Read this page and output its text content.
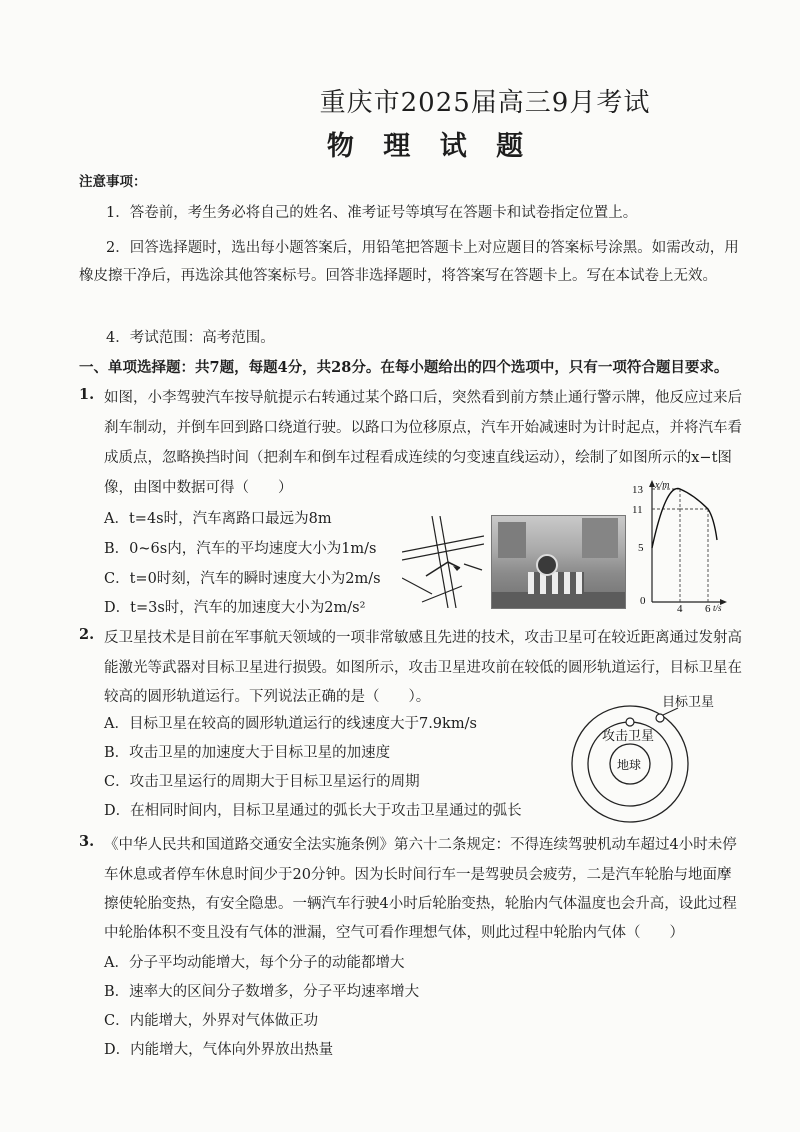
重庆市2025届高三9月考试
物 理 试 题
注意事项：
1．答卷前，考生务必将自己的姓名、准考证号等填写在答题卡和试卷指定位置上。
2．回答选择题时，选出每小题答案后，用铅笔把答题卡上对应题目的答案标号涂黑。如需改动，用
橡皮擦干净后，再选涂其他答案标号。回答非选择题时，将答案写在答题卡上。写在本试卷上无效。
4．考试范围：高考范围。
一、单项选择题：共7题，每题4分，共28分。在每小题给出的四个选项中，只有一项符合题目要求。
1. 如图，小李驾驶汽车按导航提示右转通过某个路口后，突然看到前方禁止通行警示牌，他反应过来后
刹车制动，并倒车回到路口绕道行驶。以路口为位移原点，汽车开始减速时为计时起点，并将汽车看
成质点，忽略换挡时间（把刹车和倒车过程看成连续的匀变速直线运动），绘制了如图所示的x−t图
像，由图中数据可得（　　）
A．t=4s时，汽车离路口最远为8m
B．0~6s内，汽车的平均速度大小为1m/s
C．t=0时刻，汽车的瞬时速度大小为2m/s
D．t=3s时，汽车的加速度大小为2m/s²
13
11
5
0
4 6
x/m
t/s
2. 反卫星技术是目前在军事航天领域的一项非常敏感且先进的技术，攻击卫星可在较近距离通过发射高
能激光等武器对目标卫星进行损毁。如图所示，攻击卫星进攻前在较低的圆形轨道运行，目标卫星在
较高的圆形轨道运行。下列说法正确的是（　　）。
A．目标卫星在较高的圆形轨道运行的线速度大于7.9km/s
B．攻击卫星的加速度大于目标卫星的加速度
C．攻击卫星运行的周期大于目标卫星运行的周期
D．在相同时间内，目标卫星通过的弧长大于攻击卫星通过的弧长
目标卫星
攻击卫星
地球
3. 《中华人民共和国道路交通安全法实施条例》第六十二条规定：不得连续驾驶机动车超过4小时未停
车休息或者停车休息时间少于20分钟。因为长时间行车一是驾驶员会疲劳，二是汽车轮胎与地面摩
擦使轮胎变热，有安全隐患。一辆汽车行驶4小时后轮胎变热，轮胎内气体温度也会升高，设此过程
中轮胎体积不变且没有气体的泄漏，空气可看作理想气体，则此过程中轮胎内气体（　　）
A．分子平均动能增大，每个分子的动能都增大
B．速率大的区间分子数增多，分子平均速率增大
C．内能增大，外界对气体做正功
D．内能增大，气体向外界放出热量
